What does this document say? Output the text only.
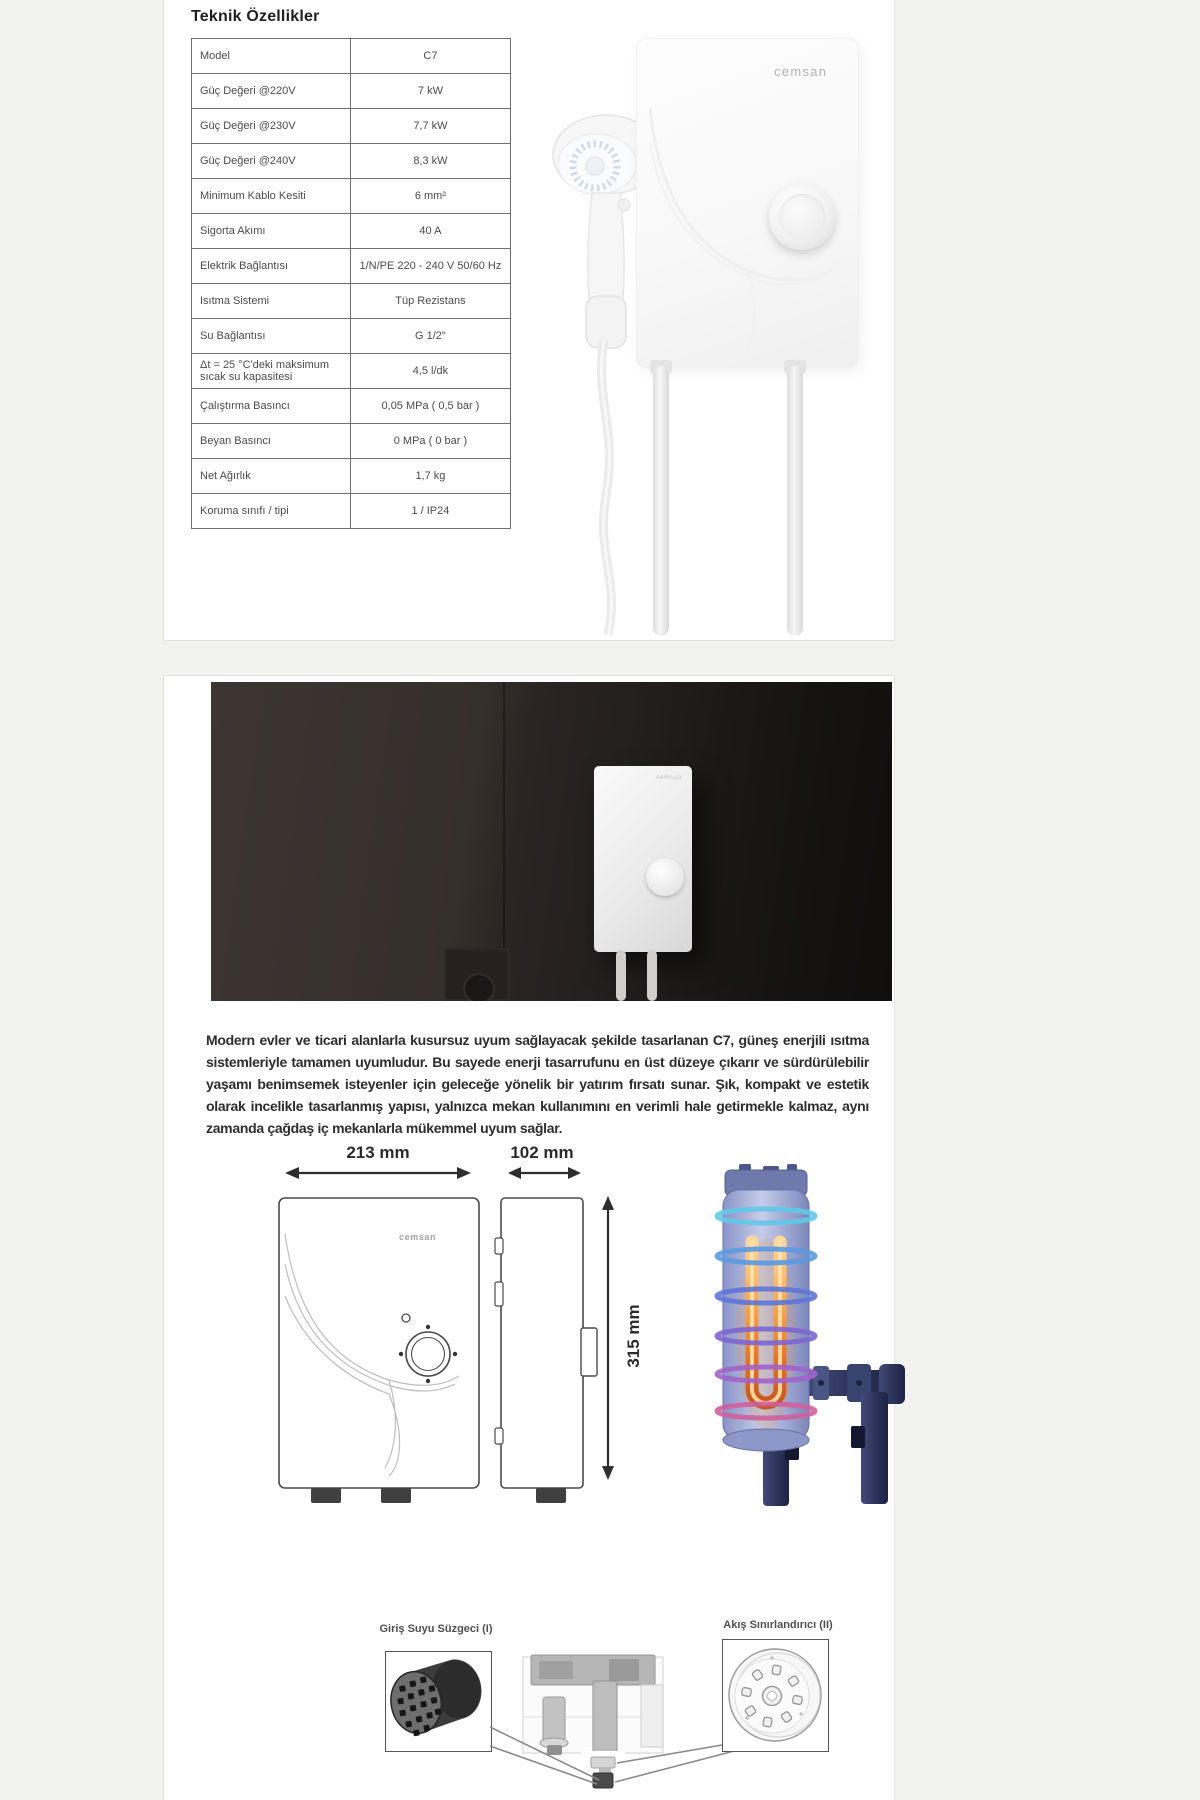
Teknik Özellikler
Model	C7
Güç Değeri @220V	7 kW
Güç Değeri @230V	7,7 kW
Güç Değeri @240V	8,3 kW
Minimum Kablo Kesiti	6 mm²
Sigorta Akımı	40 A
Elektrik Bağlantısı	1/N/PE 220 - 240 V 50/60 Hz
Isıtma Sistemi	Tüp Rezistans
Su Bağlantısı	G 1/2"
Δt = 25 °C'deki maksimum sıcak su kapasitesi	4,5 l/dk
Çalıştırma Basıncı	0,05 MPa ( 0,5 bar )
Beyan Basıncı	0 MPa ( 0 bar )
Net Ağırlık	1,7 kg
Koruma sınıfı / tipi	1 / IP24
cemsan
cemsan

Modern evler ve ticari alanlarla kusursuz uyum sağlayacak şekilde tasarlanan C7, güneş enerjili ısıtma sistemleriyle tamamen uyumludur. Bu sayede enerji tasarrufunu en üst düzeye çıkarır ve sürdürülebilir yaşamı benimsemek isteyenler için geleceğe yönelik bir yatırım fırsatı sunar. Şık, kompakt ve estetik olarak incelikle tasarlanmış yapısı, yalnızca mekan kullanımını en verimli hale getirmekle kalmaz, aynı zamanda çağdaş iç mekanlarla mükemmel uyum sağlar.

213 mm	102 mm
315 mm
cemsan
Giriş Suyu Süzgeci (I)	Akış Sınırlandırıcı (II)
